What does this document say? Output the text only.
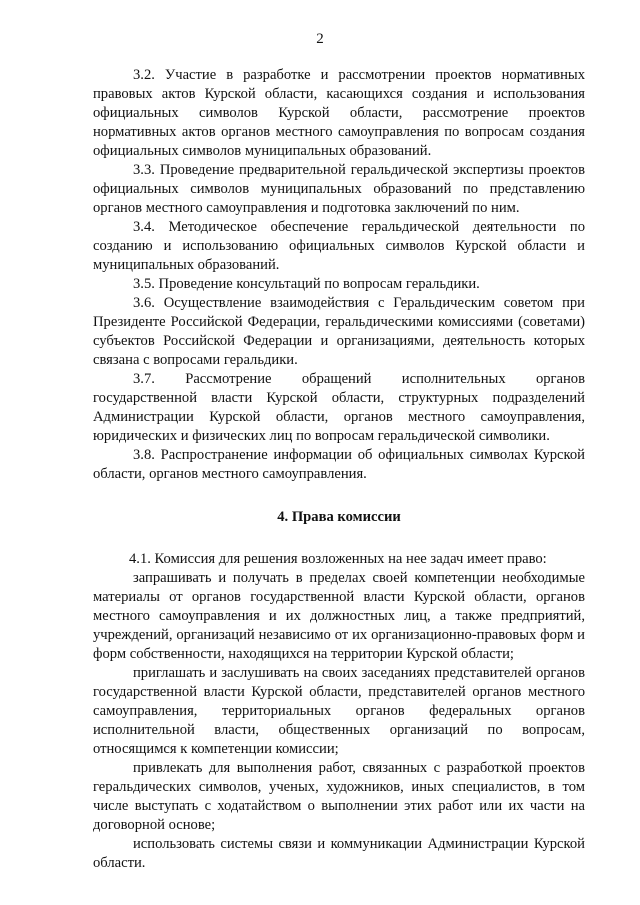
2

3.2. Участие в разработке и рассмотрении проектов нормативных правовых актов Курской области, касающихся создания и использования официальных символов Курской области, рассмотрение проектов нормативных актов органов местного самоуправления по вопросам создания официальных символов муниципальных образований.

3.3. Проведение предварительной геральдической экспертизы проектов официальных символов муниципальных образований по представлению органов местного самоуправления и подготовка заключений по ним.

3.4. Методическое обеспечение геральдической деятельности по созданию и использованию официальных символов Курской области и муниципальных образований.

3.5. Проведение консультаций по вопросам геральдики.

3.6. Осуществление взаимодействия с Геральдическим советом при Президенте Российской Федерации, геральдическими комиссиями (советами) субъектов Российской Федерации и организациями, деятельность которых связана с вопросами геральдики.

3.7. Рассмотрение обращений исполнительных органов государственной власти Курской области, структурных подразделений Администрации Курской области, органов местного самоуправления, юридических и физических лиц по вопросам геральдической символики.

3.8. Распространение информации об официальных символах Курской области, органов местного самоуправления.

4. Права комиссии

4.1. Комиссия для решения возложенных на нее задач имеет право:

запрашивать и получать в пределах своей компетенции необходимые материалы от органов государственной власти Курской области, органов местного самоуправления и их должностных лиц, а также предприятий, учреждений, организаций независимо от их организационно-правовых форм и форм собственности, находящихся на территории Курской области;

приглашать и заслушивать на своих заседаниях представителей органов государственной власти Курской области, представителей органов местного самоуправления, территориальных органов федеральных органов исполнительной власти, общественных организаций по вопросам, относящимся к компетенции комиссии;

привлекать для выполнения работ, связанных с разработкой проектов геральдических символов, ученых, художников, иных специалистов, в том числе выступать с ходатайством о выполнении этих работ или их части на договорной основе;

использовать системы связи и коммуникации Администрации Курской области.
